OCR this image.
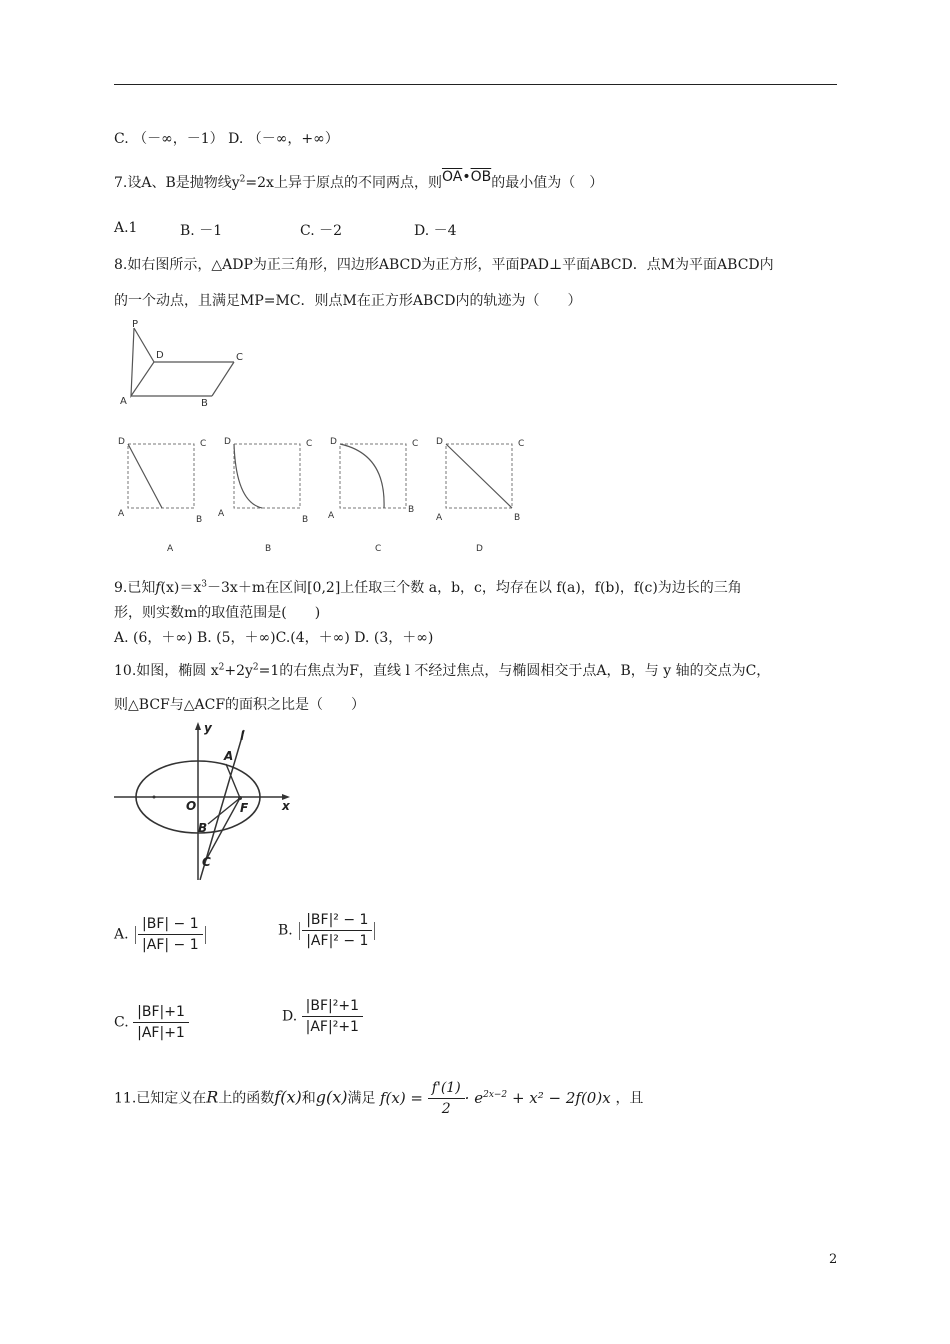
C. （－∞，－1） D. （－∞，+∞）
7.设A、B是抛物线$y^2=2x$上异于原点的不同两点，则$\overline{OA}•\overline{OB}$的最小值为（　）
A.1	B. －1	C. －2	D. －4
8.如右图所示，△ADP为正三角形，四边形ABCD为正方形，平面PAD⊥平面ABCD．点M为平面ABCD内
的一个动点，且满足MP=MC．则点M在正方形ABCD内的轨迹为（　　）
P
D	C
A	B
D	C
A
B
D	C
A
B
D	C
A
B
D	C
A	B
A	B	C	D
9.已知$f(x)=x^3-3x+m$在区间[0,2]上任取三个数 a，b，c，均存在以 f(a)，f(b)，f(c)为边长的三角
形，则实数m的取值范围是(　　)
A. (6，＋∞) B. (5，＋∞)C.(4，＋∞) D. (3，＋∞)
10.如图，椭圆 $x^2+2y^2=1$的右焦点为F，直线 l 不经过焦点，与椭圆相交于点A，B，与 y 轴的交点为C，
则△BCF与△ACF的面积之比是（　　）
y
l
A
O	F	x
B
C
A. $\frac{|BF| - 1}{|AF| - 1}$	B. $\frac{\text{|BF|² − 1}}{\text{|AF|² − 1}}$
C. $\frac{|BF|+1}{|AF|+1}$	D. $\frac{\text{|BF|²+1}}{\text{|AF|²+1}}$
11.已知定义在R上的函数f(x)和g(x)满足 $f(x) = \frac{f'(1)}{2} \cdot e^{2x-2} + x^2 - 2f(0)x$ ，且
2
